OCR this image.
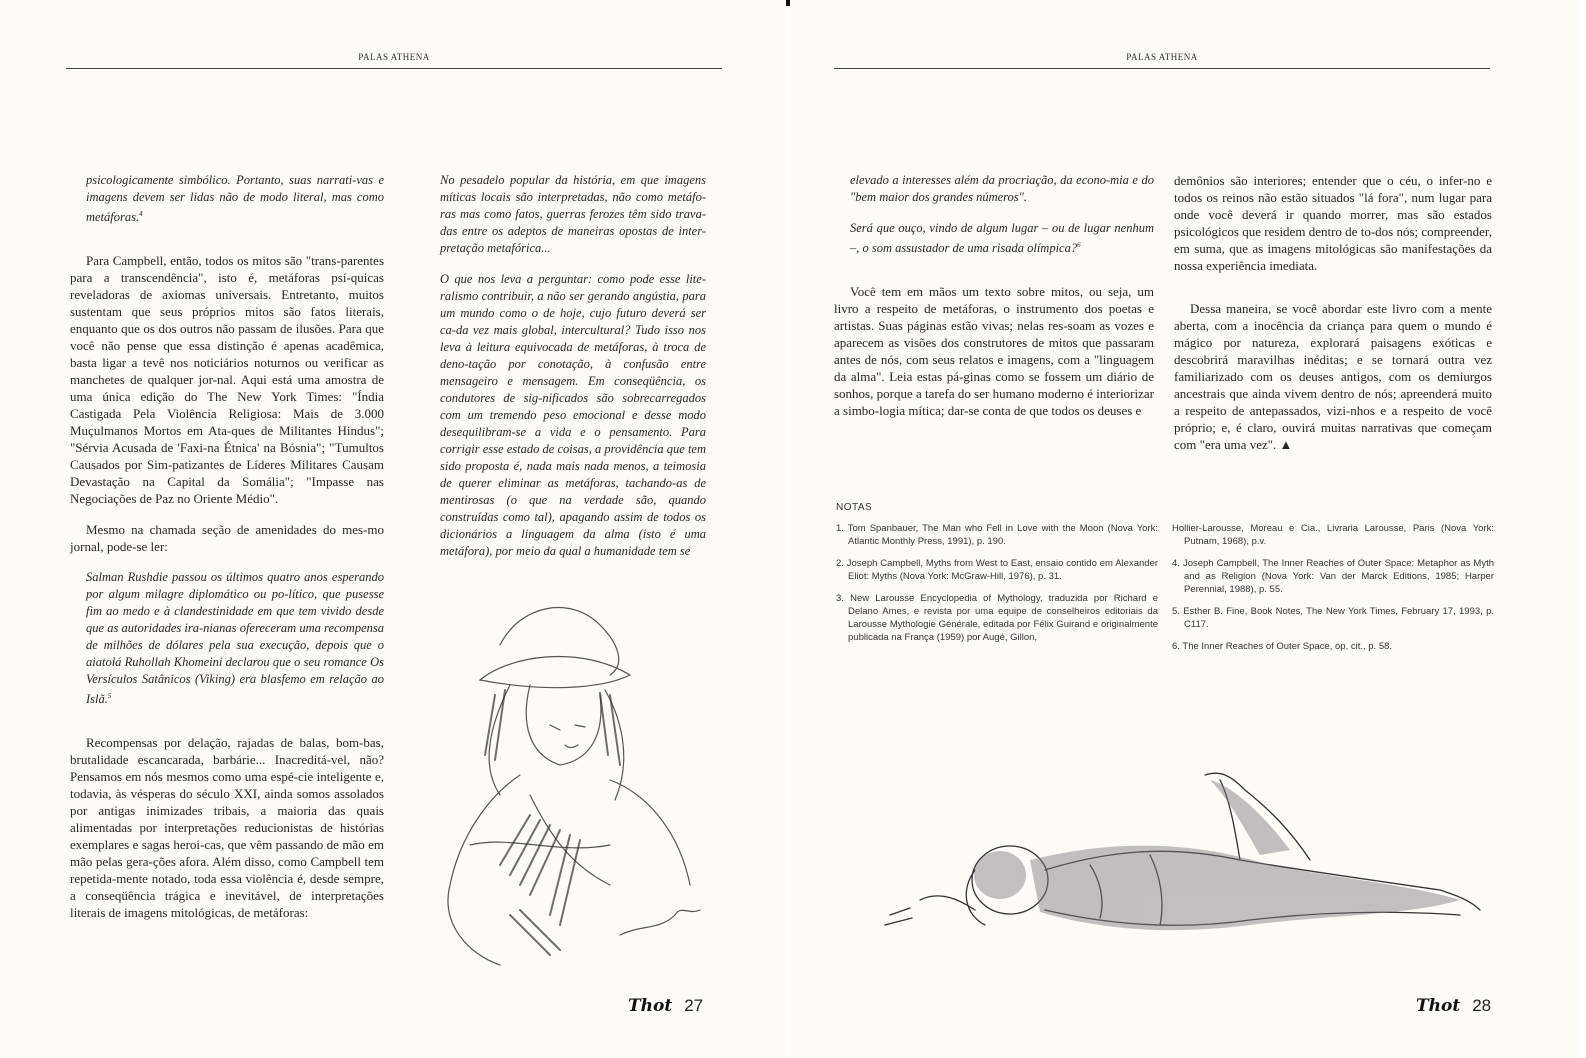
PALAS ATHENA

psicologicamente simbólico. Portanto, suas narrati-vas e imagens devem ser lidas não de modo literal, mas como metáforas.$^4$

Para Campbell, então, todos os mitos são "trans-parentes para a transcendência", isto é, metáforas psí-quicas reveladoras de axiomas universais. Entretanto, muitos sustentam que seus próprios mitos são fatos literais, enquanto que os dos outros não passam de ilusões. Para que você não pense que essa distinção é apenas acadêmica, basta ligar a tevê nos noticiários noturnos ou verificar as manchetes de qualquer jor-nal. Aqui está uma amostra de uma única edição do The New York Times: "Índia Castigada Pela Violência Religiosa: Mais de 3.000 Muçulmanos Mortos em Ata-ques de Militantes Hindus"; "Sérvia Acusada de 'Faxi-na Étnica' na Bósnia"; "Tumultos Causados por Sim-patizantes de Líderes Militares Causam Devastação na Capital da Somália"; "Impasse nas Negociações de Paz no Oriente Médio".

Mesmo na chamada seção de amenidades do mes-mo jornal, pode-se ler:

Salman Rushdie passou os últimos quatro anos esperando por algum milagre diplomático ou po-lítico, que pusesse fim ao medo e à clandestinidade em que tem vivido desde que as autoridades ira-nianas ofereceram uma recompensa de milhões de dólares pela sua execução, depois que o aiatolá Ruhollah Khomeini declarou que o seu romance Os Versículos Satânicos (Viking) era blasfemo em relação ao Islã.$^5$

Recompensas por delação, rajadas de balas, bom-bas, brutalidade escancarada, barbárie... Inacreditá-vel, não? Pensamos em nós mesmos como uma espé-cie inteligente e, todavia, às vésperas do século XXI, ainda somos assolados por antigas inimizades tribais, a maioria das quais alimentadas por interpretações reducionistas de histórias exemplares e sagas heroi-cas, que vêm passando de mão em mão pelas gera-ções afora. Além disso, como Campbell tem repetida-mente notado, toda essa violência é, desde sempre, a conseqüência trágica e inevitável, de interpretações literais de imagens mitológicas, de metáforas:

No pesadelo popular da história, em que imagens míticas locais são interpretadas, não como metáfo-ras mas como fatos, guerras ferozes têm sido trava-das entre os adeptos de maneiras opostas de inter-pretação metafórica...

O que nos leva a perguntar: como pode esse lite-ralismo contribuir, a não ser gerando angústia, para um mundo como o de hoje, cujo futuro deverá ser ca-da vez mais global, intercultural? Tudo isso nos leva à leitura equivocada de metáforas, à troca de deno-tação por conotação, à confusão entre mensageiro e mensagem. Em conseqüência, os condutores de sig-nificados são sobrecarregados com um tremendo peso emocional e desse modo desequilibram-se a vida e o pensamento. Para corrigir esse estado de coisas, a providência que tem sido proposta é, nada mais nada menos, a teimosia de querer eliminar as metáforas, tachando-as de mentirosas (o que na verdade são, quando construídas como tal), apagando assim de todos os dicionários a linguagem da alma (isto é uma metáfora), por meio da qual a humanidade tem se

Thot 27
PALAS ATHENA

elevado a interesses além da procriação, da econo-mia e do "bem maior dos grandes números".

Será que ouço, vindo de algum lugar – ou de lugar nenhum –, o som assustador de uma risada olímpica?$^6$

Você tem em mãos um texto sobre mitos, ou seja, um livro a respeito de metáforas, o instrumento dos poetas e artistas. Suas páginas estão vivas; nelas res-soam as vozes e aparecem as visões dos construtores de mitos que passaram antes de nós, com seus relatos e imagens, com a "linguagem da alma". Leia estas pá-ginas como se fossem um diário de sonhos, porque a tarefa do ser humano moderno é interiorizar a simbo-logia mítica; dar-se conta de que todos os deuses e

demônios são interiores; entender que o céu, o infer-no e todos os reinos não estão situados "lá fora", num lugar para onde você deverá ir quando morrer, mas são estados psicológicos que residem dentro de to-dos nós; compreender, em suma, que as imagens mitológicas são manifestações da nossa experiência imediata.

Dessa maneira, se você abordar este livro com a mente aberta, com a inocência da criança para quem o mundo é mágico por natureza, explorará paisagens exóticas e descobrirá maravilhas inéditas; e se tornará outra vez familiarizado com os deuses antigos, com os demiurgos ancestrais que ainda vivem dentro de nós; apreenderá muito a respeito de antepassados, vizi-nhos e a respeito de você próprio; e, é claro, ouvirá muitas narrativas que começam com "era uma vez". ▲

NOTAS

1. Tom Spanbauer, The Man who Fell in Love with the Moon (Nova York: Atlantic Monthly Press, 1991), p. 190.

2. Joseph Campbell, Myths from West to East, ensaio contido em Alexander Eliot: Myths (Nova York: McGraw-Hill, 1976), p. 31.

3. New Larousse Encyclopedia of Mythology, traduzida por Richard e Delano Ames, e revista por uma equipe de conselheiros editoriais da Larousse Mythologie Générale, editada por Félix Guirand e originalmente publicada na França (1959) por Augé, Gillon,

Hollier-Larousse, Moreau e Cia., Livraria Larousse, Paris (Nova York: Putnam, 1968), p.v.

4. Joseph Campbell, The Inner Reaches of Outer Space: Metaphor as Myth and as Religion (Nova York: Van der Marck Editions, 1985; Harper Perennial, 1988), p. 55.

5. Esther B. Fine, Book Notes, The New York Times, February 17, 1993, p. C117.

6. The Inner Reaches of Outer Space, op. cit., p. 58.

Thot 28
